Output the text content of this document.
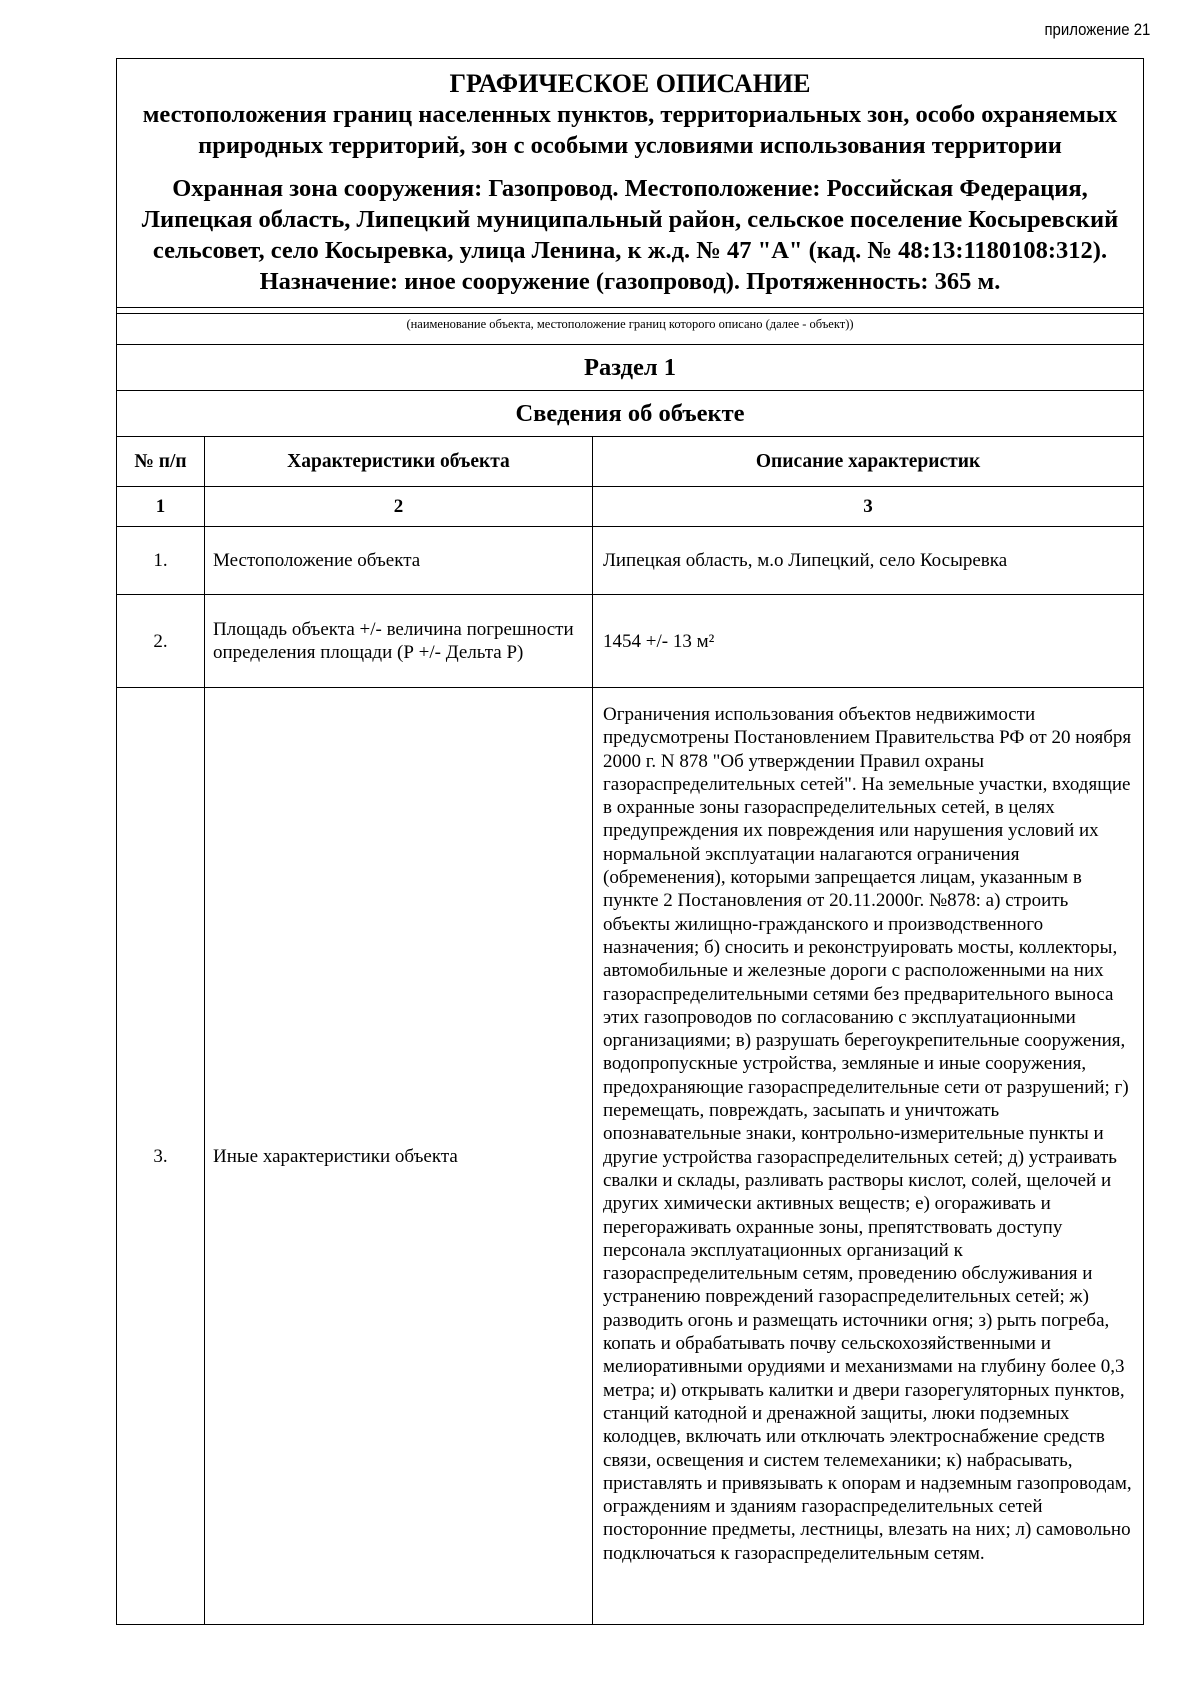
приложение 21
ГРАФИЧЕСКОЕ ОПИСАНИЕ
местоположения границ населенных пунктов, территориальных зон, особо охраняемых природных территорий, зон с особыми условиями использования территории
Охранная зона сооружения: Газопровод. Местоположение: Российская Федерация, Липецкая область, Липецкий муниципальный район, сельское поселение Косыревский сельсовет, село Косыревка, улица Ленина, к ж.д. № 47 "А" (кад. № 48:13:1180108:312). Назначение: иное сооружение (газопровод). Протяженность: 365 м.
(наименование объекта, местоположение границ которого описано (далее - объект))
Раздел 1
Сведения об объекте
№ п/п	Характеристики объекта	Описание характеристик
1	2	3
1.	Местоположение объекта	Липецкая область, м.о Липецкий, село Косыревка
2.	Площадь объекта +/- величина погрешности определения площади (Р +/- Дельта Р)	1454 +/- 13 м²
3.	Иные характеристики объекта	Ограничения использования объектов недвижимости предусмотрены Постановлением Правительства РФ от 20 ноября 2000 г. N 878 "Об утверждении Правил охраны газораспределительных сетей". На земельные участки, входящие в охранные зоны газораспределительных сетей, в целях предупреждения их повреждения или нарушения условий их нормальной эксплуатации налагаются ограничения (обременения), которыми запрещается лицам, указанным в пункте 2 Постановления от 20.11.2000г. №878: а) строить объекты жилищно-гражданского и производственного назначения; б) сносить и реконструировать мосты, коллекторы, автомобильные и железные дороги с расположенными на них газораспределительными сетями без предварительного выноса этих газопроводов по согласованию с эксплуатационными организациями; в) разрушать берегоукрепительные сооружения, водопропускные устройства, земляные и иные сооружения, предохраняющие газораспределительные сети от разрушений; г) перемещать, повреждать, засыпать и уничтожать опознавательные знаки, контрольно-измерительные пункты и другие устройства газораспределительных сетей; д) устраивать свалки и склады, разливать растворы кислот, солей, щелочей и других химически активных веществ; е) огораживать и перегораживать охранные зоны, препятствовать доступу персонала эксплуатационных организаций к газораспределительным сетям, проведению обслуживания и устранению повреждений газораспределительных сетей; ж) разводить огонь и размещать источники огня; з) рыть погреба, копать и обрабатывать почву сельскохозяйственными и мелиоративными орудиями и механизмами на глубину более 0,3 метра; и) открывать калитки и двери газорегуляторных пунктов, станций катодной и дренажной защиты, люки подземных колодцев, включать или отключать электроснабжение средств связи, освещения и систем телемеханики; к) набрасывать, приставлять и привязывать к опорам и надземным газопроводам, ограждениям и зданиям газораспределительных сетей посторонние предметы, лестницы, влезать на них; л) самовольно подключаться к газораспределительным сетям.
